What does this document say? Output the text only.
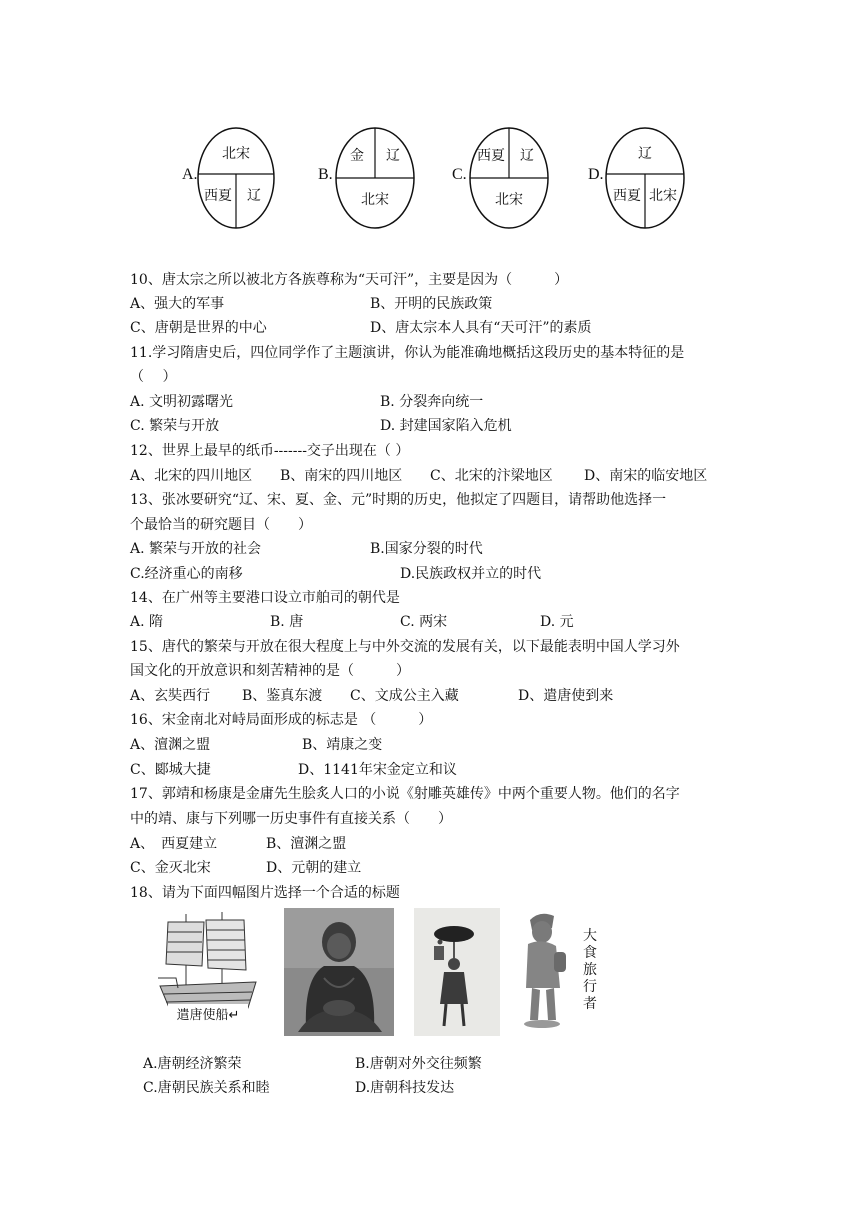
A.
北宋
西夏 辽
B.
金 辽
北宋
C.
西夏 辽
北宋
D.
辽
西夏 北宋
10、唐太宗之所以被北方各族尊称为“天可汗”，主要是因为（　　　）
A、强大的军事	B、开明的民族政策
C、唐朝是世界的中心	D、唐太宗本人具有“天可汗”的素质
11.学习隋唐史后，四位同学作了主题演讲，你认为能准确地概括这段历史的基本特征的是
（　 ）
A. 文明初露曙光	B. 分裂奔向统一
C. 繁荣与开放	D. 封建国家陷入危机
12、世界上最早的纸币-------交子出现在（ ）
A、北宋的四川地区 B、南宋的四川地区 C、北宋的汴梁地区 D、南宋的临安地区
13、张冰要研究“辽、宋、夏、金、元”时期的历史，他拟定了四题目，请帮助他选择一
个最恰当的研究题目（　　）
A. 繁荣与开放的社会	B.国家分裂的时代
C.经济重心的南移	D.民族政权并立的时代
14、在广州等主要港口设立市舶司的朝代是
A. 隋	B. 唐	C. 两宋	D. 元
15、唐代的繁荣与开放在很大程度上与中外交流的发展有关，以下最能表明中国人学习外
国文化的开放意识和刻苦精神的是（　　　）
A、玄奘西行 B、鉴真东渡 C、文成公主入藏	D、遣唐使到来
16、宋金南北对峙局面形成的标志是 （　　　）
A、澶渊之盟	B、靖康之变
C、郾城大捷	D、1141年宋金定立和议
17、郭靖和杨康是金庸先生脍炙人口的小说《射雕英雄传》中两个重要人物。他们的名字
中的靖、康与下列哪一历史事件有直接关系（　　）
A、　西夏建立	B、澶渊之盟
C、金灭北宋	D、元朝的建立
18、请为下面四幅图片选择一个合适的标题
遣唐使船↵
大食旅行者
A.唐朝经济繁荣	B.唐朝对外交往频繁
C.唐朝民族关系和睦	D.唐朝科技发达
